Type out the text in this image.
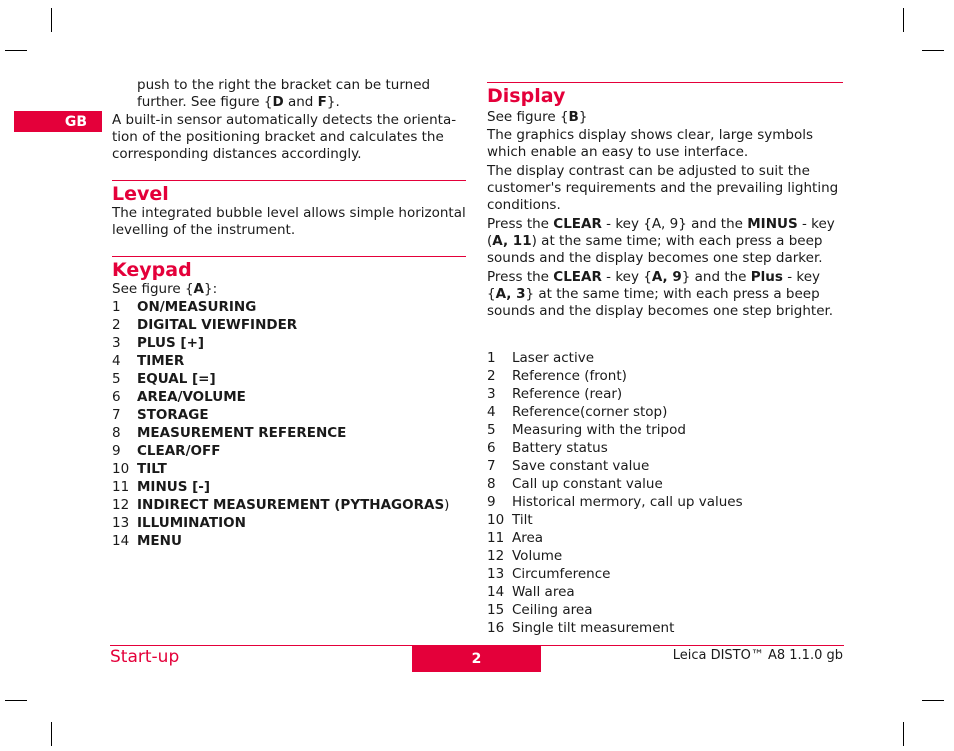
GB

push to the right the bracket can be turned

further. See figure {D and F}.

A built-in sensor automatically detects the orienta-tion of the positioning bracket and calculates the corresponding distances accordingly.

Level

The integrated bubble level allows simple horizontal levelling of the instrument.

Keypad

See figure {A}:

1	ON/MEASURING
2	DIGITAL VIEWFINDER
3	PLUS [+]
4	TIMER
5	EQUAL [=]
6	AREA/VOLUME
7	STORAGE
8	MEASUREMENT REFERENCE
9	CLEAR/OFF
10 TILT
11 MINUS [-]
12 INDIRECT MEASUREMENT (PYTHAGORAS)
13 ILLUMINATION
14 MENU
Display

See figure {B}

The graphics display shows clear, large symbols which enable an easy to use interface.

The display contrast can be adjusted to suit the customer's requirements and the prevailing lighting conditions.

Press the CLEAR - key {A, 9} and the MINUS - key (A, 11) at the same time; with each press a beep sounds and the display becomes one step darker.

Press the CLEAR - key {A, 9} and the Plus - key {A, 3} at the same time; with each press a beep sounds and the display becomes one step brighter.

1	Laser active
2	Reference (front)
3	Reference (rear)
4	Reference(corner stop)
5	Measuring with the tripod
6	Battery status
7	Save constant value
8	Call up constant value
9	Historical mermory, call up values
10 Tilt
11 Area
12 Volume
13 Circumference
14 Wall area
15 Ceiling area
16 Single tilt measurement
Start-up	2	Leica DISTO™ A8 1.1.0 gb
